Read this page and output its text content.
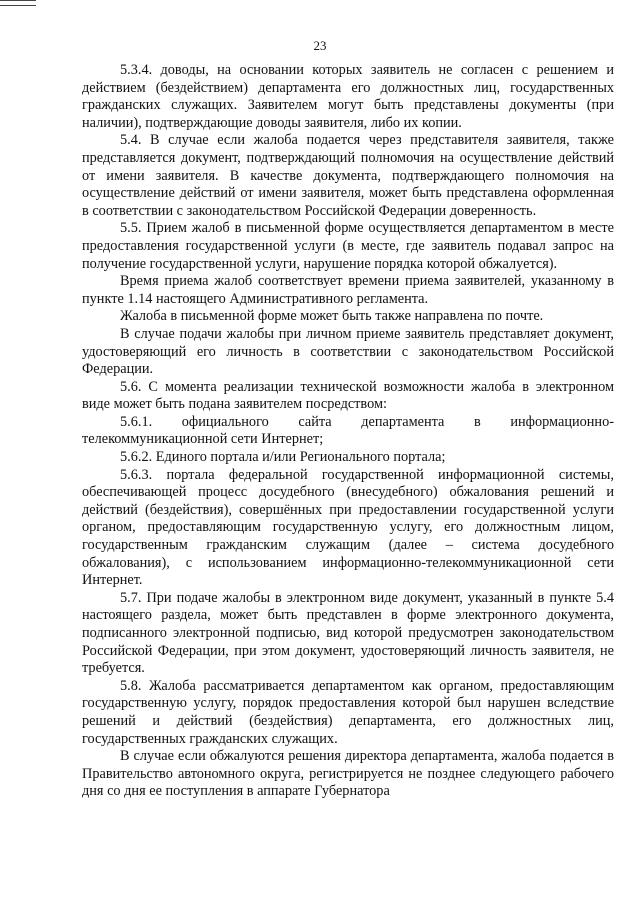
23

5.3.4. доводы, на основании которых заявитель не согласен с решением и действием (бездействием) департамента его должностных лиц, государственных гражданских служащих. Заявителем могут быть представлены документы (при наличии), подтверждающие доводы заявителя, либо их копии.

5.4. В случае если жалоба подается через представителя заявителя, также представляется документ, подтверждающий полномочия на осуществление действий от имени заявителя. В качестве документа, подтверждающего полномочия на осуществление действий от имени заявителя, может быть представлена оформленная в соответствии с законодательством Российской Федерации доверенность.

5.5. Прием жалоб в письменной форме осуществляется департаментом в месте предоставления государственной услуги (в месте, где заявитель подавал запрос на получение государственной услуги, нарушение порядка которой обжалуется).

Время приема жалоб соответствует времени приема заявителей, указанному в пункте 1.14 настоящего Административного регламента.

Жалоба в письменной форме может быть также направлена по почте.

В случае подачи жалобы при личном приеме заявитель представляет документ, удостоверяющий его личность в соответствии с законодательством Российской Федерации.

5.6. С момента реализации технической возможности жалоба в электронном виде может быть подана заявителем посредством:

5.6.1. официального сайта департамента в информационно-телекоммуникационной сети Интернет;

5.6.2. Единого портала и/или Регионального портала;

5.6.3. портала федеральной государственной информационной системы, обеспечивающей процесс досудебного (внесудебного) обжалования решений и действий (бездействия), совершённых при предоставлении государственной услуги органом, предоставляющим государственную услугу, его должностным лицом, государственным гражданским служащим (далее – система досудебного обжалования), с использованием информационно-телекоммуникационной сети Интернет.

5.7. При подаче жалобы в электронном виде документ, указанный в пункте 5.4 настоящего раздела, может быть представлен в форме электронного документа, подписанного электронной подписью, вид которой предусмотрен законодательством Российской Федерации, при этом документ, удостоверяющий личность заявителя, не требуется.

5.8. Жалоба рассматривается департаментом как органом, предоставляющим государственную услугу, порядок предоставления которой был нарушен вследствие решений и действий (бездействия) департамента, его должностных лиц, государственных гражданских служащих.

В случае если обжалуются решения директора департамента, жалоба подается в Правительство автономного округа, регистрируется не позднее следующего рабочего дня со дня ее поступления в аппарате Губернатора
